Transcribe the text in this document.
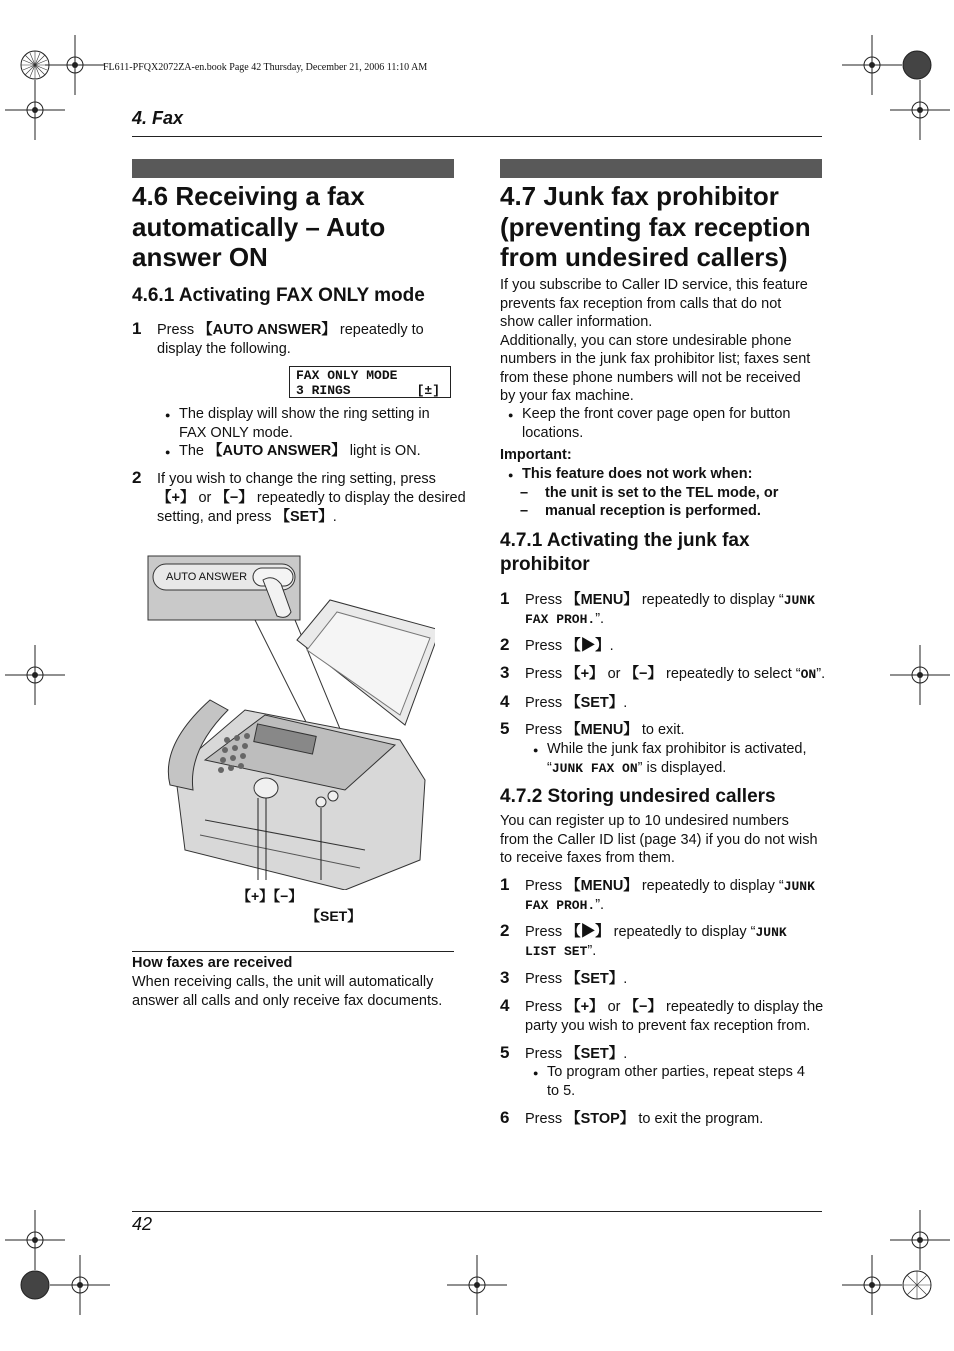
FL611-PFQX2072ZA-en.book Page 42 Thursday, December 21, 2006 11:10 AM
4. Fax
4.6 Receiving a fax
automatically – Auto
answer ON
4.6.1 Activating FAX ONLY mode
1 Press 【AUTO ANSWER】 repeatedly to
display the following.
FAX ONLY MODE
3 RINGS	[±]
● The display will show the ring setting in
FAX ONLY mode.
● The 【AUTO ANSWER】 light is ON.
2 If you wish to change the ring setting, press
【+】 or 【−】 repeatedly to display the desired
setting, and press 【SET】.
AUTO ANSWER
【+】【−】
【SET】
How faxes are received
When receiving calls, the unit will automatically
answer all calls and only receive fax documents.
4.7 Junk fax prohibitor
(preventing fax reception
from undesired callers)
If you subscribe to Caller ID service, this feature
prevents fax reception from calls that do not
show caller information.
Additionally, you can store undesirable phone
numbers in the junk fax prohibitor list; faxes sent
from these phone numbers will not be received
by your fax machine.
● Keep the front cover page open for button
locations.
Important:
● This feature does not work when:
– the unit is set to the TEL mode, or
– manual reception is performed.
4.7.1 Activating the junk fax
prohibitor
1 Press 【MENU】 repeatedly to display “JUNK
FAX PROH.”.
2 Press 【▶】.
3 Press 【+】 or 【−】 repeatedly to select “ON”.
4 Press 【SET】.
5 Press 【MENU】 to exit.
● While the junk fax prohibitor is activated,
“JUNK FAX ON” is displayed.
4.7.2 Storing undesired callers
You can register up to 10 undesired numbers
from the Caller ID list (page 34) if you do not wish
to receive faxes from them.
1 Press 【MENU】 repeatedly to display “JUNK
FAX PROH.”.
2 Press 【▶】 repeatedly to display “JUNK
LIST SET”.
3 Press 【SET】.
4 Press 【+】 or 【−】 repeatedly to display the
party you wish to prevent fax reception from.
5 Press 【SET】.
● To program other parties, repeat steps 4
to 5.
6 Press 【STOP】 to exit the program.
42
